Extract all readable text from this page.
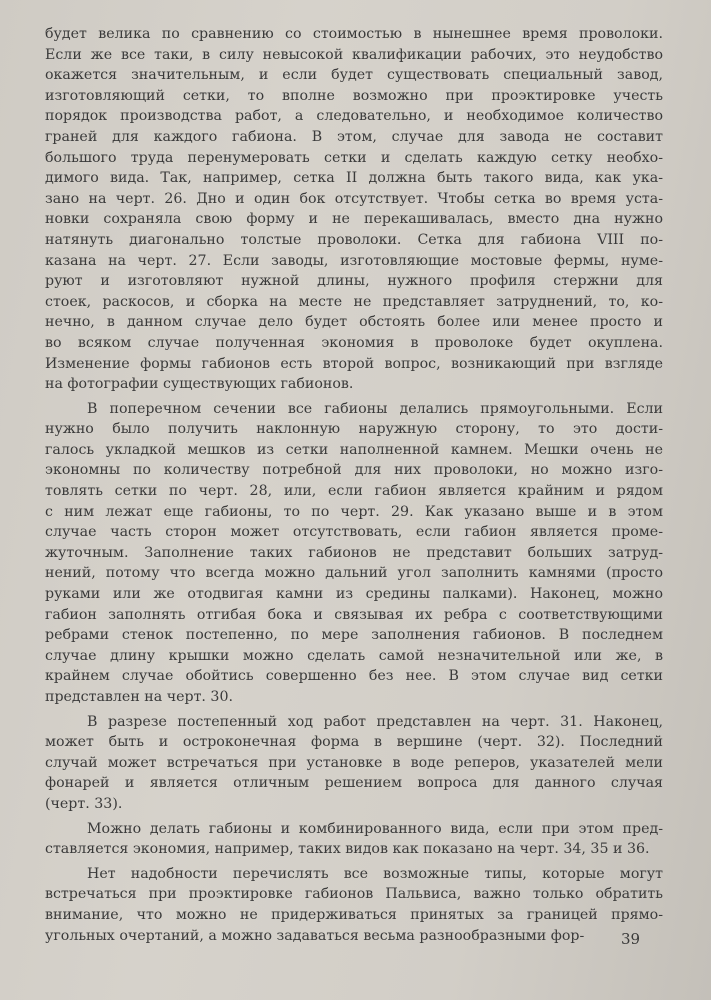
будет велика по сравнению со стоимостью в нынешнее время проволоки.
Если же все таки, в силу невысокой квалификации рабочих, это неудобство
окажется значительным, и если будет существовать специальный завод,
изготовляющий сетки, то вполне возможно при проэктировке учесть
порядок производства работ, а следовательно, и необходимое количество
граней для каждого габиона. В этом, случае для завода не составит
большого труда перенумеровать сетки и сделать каждую сетку необхо-
димого вида. Так, например, сетка II должна быть такого вида, как ука-
зано на черт. 26. Дно и один бок отсутствует. Чтобы сетка во время уста-
новки сохраняла свою форму и не перекашивалась, вместо дна нужно
натянуть диагонально толстые проволоки. Сетка для габиона VIII по-
казана на черт. 27. Если заводы, изготовляющие мостовые фермы, нуме-
руют и изготовляют нужной длины, нужного профиля стержни для
стоек, раскосов, и сборка на месте не представляет затруднений, то, ко-
нечно, в данном случае дело будет обстоять более или менее просто и
во всяком случае полученная экономия в проволоке будет окуплена.
Изменение формы габионов есть второй вопрос, возникающий при взгляде
на фотографии существующих габионов.
В поперечном сечении все габионы делались прямоугольными. Если
нужно было получить наклонную наружную сторону, то это дости-
галось укладкой мешков из сетки наполненной камнем. Мешки очень не
экономны по количеству потребной для них проволоки, но можно изго-
товлять сетки по черт. 28, или, если габион является крайним и рядом
с ним лежат еще габионы, то по черт. 29. Как указано выше и в этом
случае часть сторон может отсутствовать, если габион является проме-
жуточным. Заполнение таких габионов не представит больших затруд-
нений, потому что всегда можно дальний угол заполнить камнями (просто
руками или же отодвигая камни из средины палками). Наконец, можно
габион заполнять отгибая бока и связывая их ребра с соответствующими
ребрами стенок постепенно, по мере заполнения габионов. В последнем
случае длину крышки можно сделать самой незначительной или же, в
крайнем случае обойтись совершенно без нее. В этом случае вид сетки
представлен на черт. 30.
В разрезе постепенный ход работ представлен на черт. 31. Наконец,
может быть и остроконечная форма в вершине (черт. 32). Последний
случай может встречаться при установке в воде реперов, указателей мели
фонарей и является отличным решением вопроса для данного случая
(черт. 33).
Можно делать габионы и комбинированного вида, если при этом пред-
ставляется экономия, например, таких видов как показано на черт. 34, 35 и 36.
Нет надобности перечислять все возможные типы, которые могут
встречаться при проэктировке габионов Пальвиса, важно только обратить
внимание, что можно не придерживаться принятых за границей прямо-
угольных очертаний, а можно задаваться весьма разнообразными фор-	39
